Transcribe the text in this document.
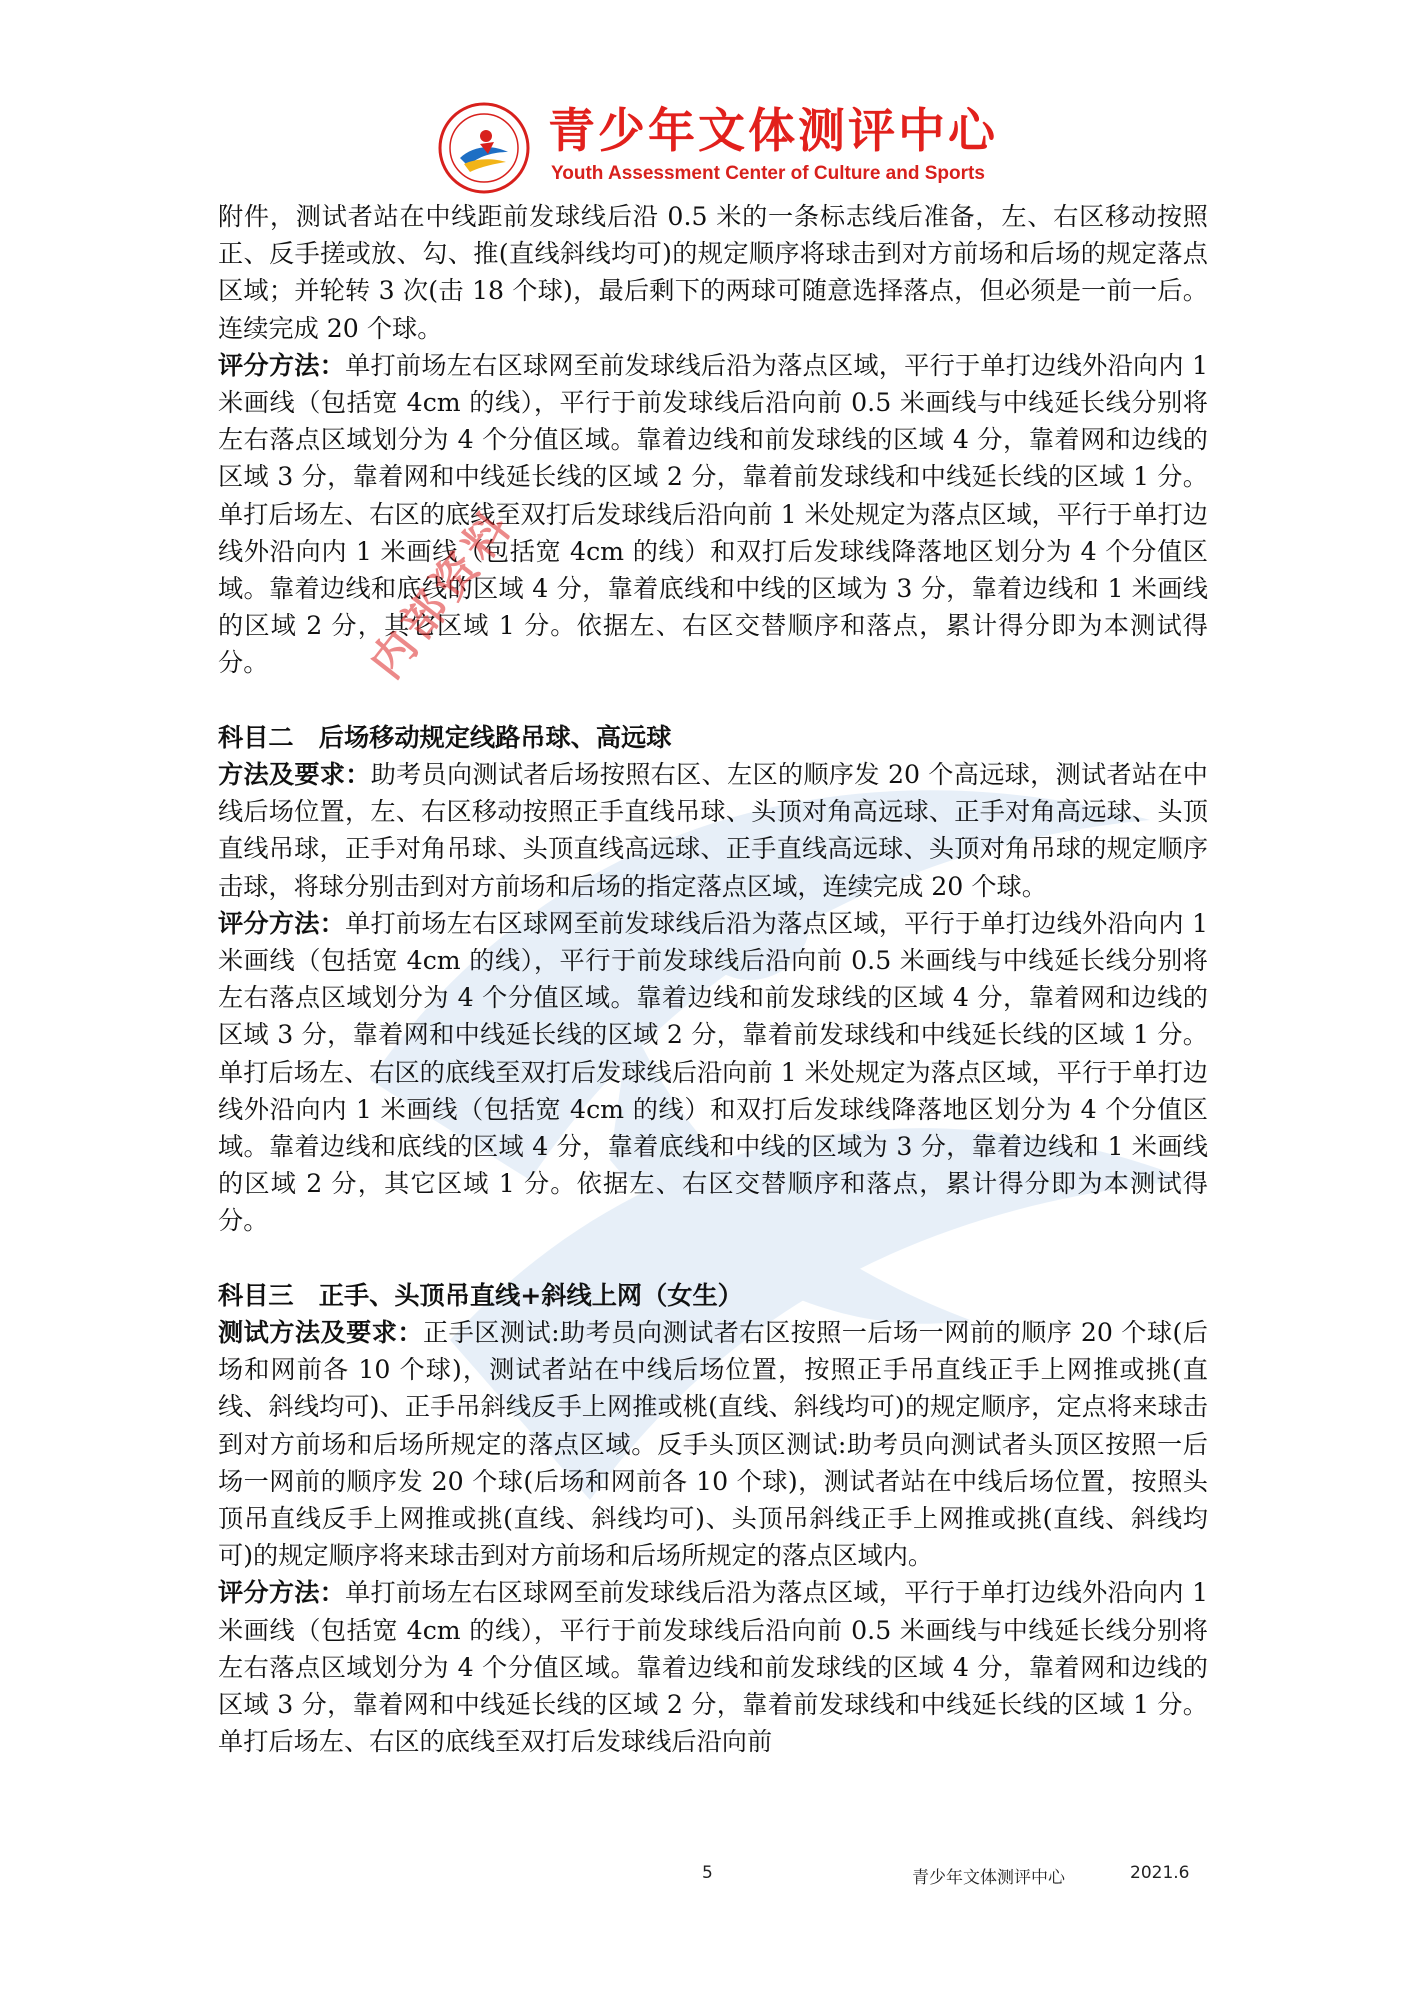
青少年文体测评中心
Youth Assessment Center of Culture and Sports
内部资料

附件，测试者站在中线距前发球线后沿 0.5 米的一条标志线后准备，左、右区移动按照正、反手搓或放、勾、推(直线斜线均可)的规定顺序将球击到对方前场和后场的规定落点区域；并轮转 3 次(击 18 个球)，最后剩下的两球可随意选择落点，但必须是一前一后。连续完成 20 个球。

评分方法：单打前场左右区球网至前发球线后沿为落点区域，平行于单打边线外沿向内 1 米画线（包括宽 4cm 的线），平行于前发球线后沿向前 0.5 米画线与中线延长线分别将左右落点区域划分为 4 个分值区域。靠着边线和前发球线的区域 4 分，靠着网和边线的区域 3 分，靠着网和中线延长线的区域 2 分，靠着前发球线和中线延长线的区域 1 分。单打后场左、右区的底线至双打后发球线后沿向前 1 米处规定为落点区域，平行于单打边线外沿向内 1 米画线（包括宽 4cm 的线）和双打后发球线降落地区划分为 4 个分值区域。靠着边线和底线的区域 4 分，靠着底线和中线的区域为 3 分，靠着边线和 1 米画线的区域 2 分，其它区域 1 分。依据左、右区交替顺序和落点，累计得分即为本测试得分。

科目二　后场移动规定线路吊球、高远球

方法及要求：助考员向测试者后场按照右区、左区的顺序发 20 个高远球，测试者站在中线后场位置，左、右区移动按照正手直线吊球、头顶对角高远球、正手对角高远球、头顶直线吊球，正手对角吊球、头顶直线高远球、正手直线高远球、头顶对角吊球的规定顺序击球，将球分别击到对方前场和后场的指定落点区域，连续完成 20 个球。

评分方法：单打前场左右区球网至前发球线后沿为落点区域，平行于单打边线外沿向内 1 米画线（包括宽 4cm 的线），平行于前发球线后沿向前 0.5 米画线与中线延长线分别将左右落点区域划分为 4 个分值区域。靠着边线和前发球线的区域 4 分，靠着网和边线的区域 3 分，靠着网和中线延长线的区域 2 分，靠着前发球线和中线延长线的区域 1 分。单打后场左、右区的底线至双打后发球线后沿向前 1 米处规定为落点区域，平行于单打边线外沿向内 1 米画线（包括宽 4cm 的线）和双打后发球线降落地区划分为 4 个分值区域。靠着边线和底线的区域 4 分，靠着底线和中线的区域为 3 分，靠着边线和 1 米画线的区域 2 分，其它区域 1 分。依据左、右区交替顺序和落点，累计得分即为本测试得分。

科目三　正手、头顶吊直线+斜线上网（女生）

测试方法及要求：正手区测试:助考员向测试者右区按照一后场一网前的顺序 20 个球(后场和网前各 10 个球)，测试者站在中线后场位置，按照正手吊直线正手上网推或挑(直线、斜线均可)、正手吊斜线反手上网推或桃(直线、斜线均可)的规定顺序，定点将来球击到对方前场和后场所规定的落点区域。反手头顶区测试:助考员向测试者头顶区按照一后场一网前的顺序发 20 个球(后场和网前各 10 个球)，测试者站在中线后场位置，按照头顶吊直线反手上网推或挑(直线、斜线均可)、头顶吊斜线正手上网推或挑(直线、斜线均可)的规定顺序将来球击到对方前场和后场所规定的落点区域内。

评分方法：单打前场左右区球网至前发球线后沿为落点区域，平行于单打边线外沿向内 1 米画线（包括宽 4cm 的线），平行于前发球线后沿向前 0.5 米画线与中线延长线分别将左右落点区域划分为 4 个分值区域。靠着边线和前发球线的区域 4 分，靠着网和边线的区域 3 分，靠着网和中线延长线的区域 2 分，靠着前发球线和中线延长线的区域 1 分。单打后场左、右区的底线至双打后发球线后沿向前

5	青少年文体测评中心	2021.6
